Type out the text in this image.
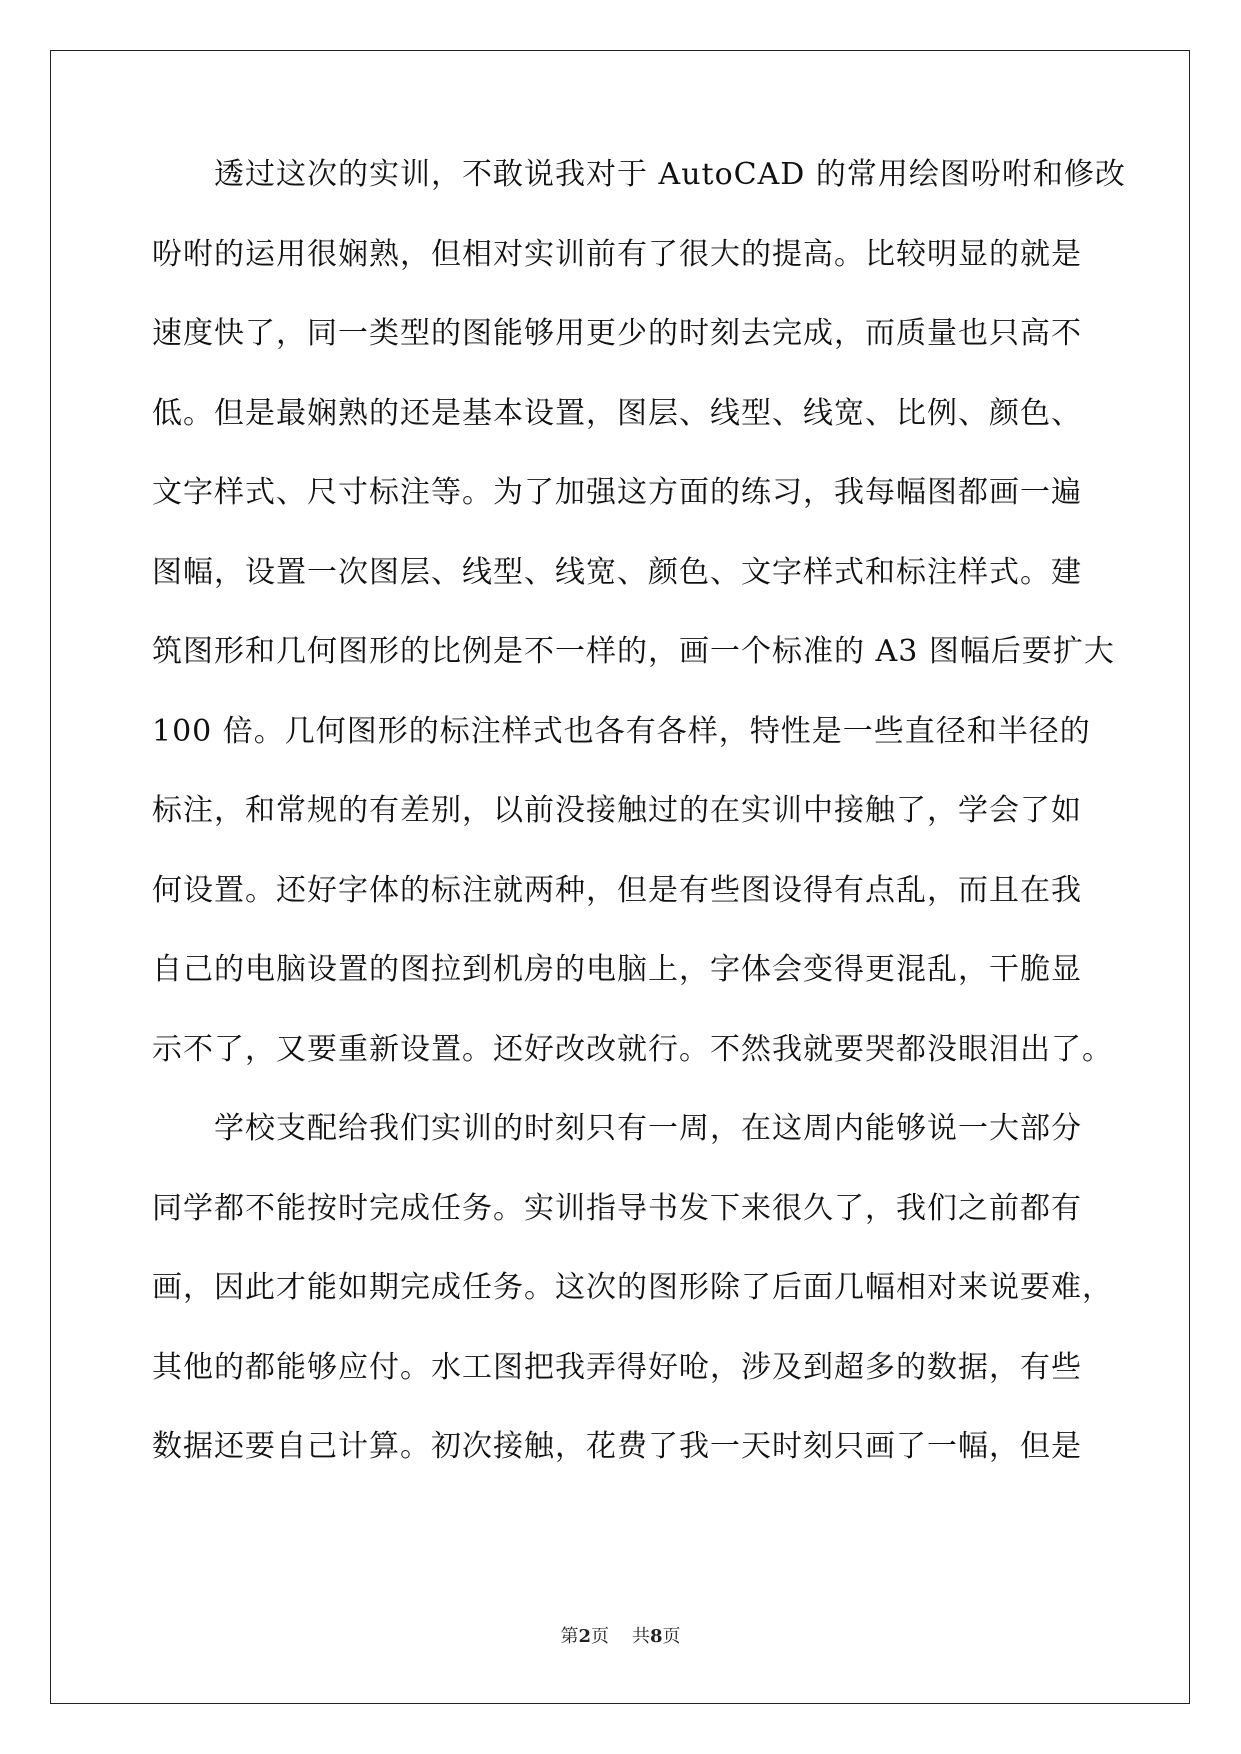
透过这次的实训，不敢说我对于 AutoCAD 的常用绘图吩咐和修改
吩咐的运用很娴熟，但相对实训前有了很大的提高。比较明显的就是
速度快了，同一类型的图能够用更少的时刻去完成，而质量也只高不
低。但是最娴熟的还是基本设置，图层、线型、线宽、比例、颜色、
文字样式、尺寸标注等。为了加强这方面的练习，我每幅图都画一遍
图幅，设置一次图层、线型、线宽、颜色、文字样式和标注样式。建
筑图形和几何图形的比例是不一样的，画一个标准的 A3 图幅后要扩大
100 倍。几何图形的标注样式也各有各样，特性是一些直径和半径的
标注，和常规的有差别，以前没接触过的在实训中接触了，学会了如
何设置。还好字体的标注就两种，但是有些图设得有点乱，而且在我
自己的电脑设置的图拉到机房的电脑上，字体会变得更混乱，干脆显
示不了，又要重新设置。还好改改就行。不然我就要哭都没眼泪出了。
学校支配给我们实训的时刻只有一周，在这周内能够说一大部分
同学都不能按时完成任务。实训指导书发下来很久了，我们之前都有
画，因此才能如期完成任务。这次的图形除了后面几幅相对来说要难，
其他的都能够应付。水工图把我弄得好呛，涉及到超多的数据，有些
数据还要自己计算。初次接触，花费了我一天时刻只画了一幅，但是
第2页 共8页
